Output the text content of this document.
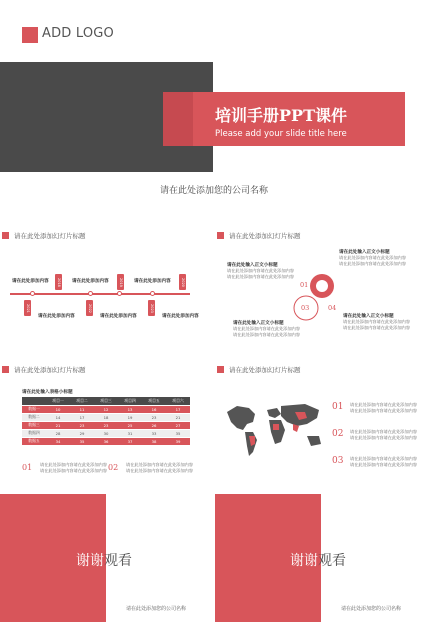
ADD LOGO
培训手册PPT课件
Please add your slide title here
请在此处添加您的公司名称
请在此处添加幻灯片标题
请在此处添加内容	请在此处添加内容	请在此处添加内容
2018	2019	2020
2021	2022	2023
请在此处添加内容	请在此处添加内容	请在此处添加内容
请在此处添加幻灯片标题
请在此处输入正文小标题
请在此处添加内容请在此处添加内容
请在此处添加内容请在此处添加内容
请在此处输入正文小标题
请在此处添加内容请在此处添加内容
请在此处添加内容请在此处添加内容
请在此处输入正文小标题
请在此处添加内容请在此处添加内容
请在此处添加内容请在此处添加内容
请在此处输入正文小标题
请在此处添加内容请在此处添加内容
请在此处添加内容请在此处添加内容
01 02
03	04
请在此处添加幻灯片标题
请在此处输入表格小标题
	项目一	项目二	项目三	项目四	项目五	项目六
数据一	10	11	12	13	16	17
数据二	14	17	18	19	23	21
数据三	21	23	23	25	26	27
数据四	28	29	30	31	33	35
数据五	34	35	36	37	38	39
01 请在此处添加内容请在此处添加内容
请在此处添加内容请在此处添加内容 02 请在此处添加内容请在此处添加内容
请在此处添加内容请在此处添加内容
请在此处添加幻灯片标题
01 请在此处添加内容请在此处添加内容
请在此处添加内容请在此处添加内容
02 请在此处添加内容请在此处添加内容
请在此处添加内容请在此处添加内容
03 请在此处添加内容请在此处添加内容
请在此处添加内容请在此处添加内容
谢谢观看
请在此处添加您的公司名称
谢谢观看
请在此处添加您的公司名称
